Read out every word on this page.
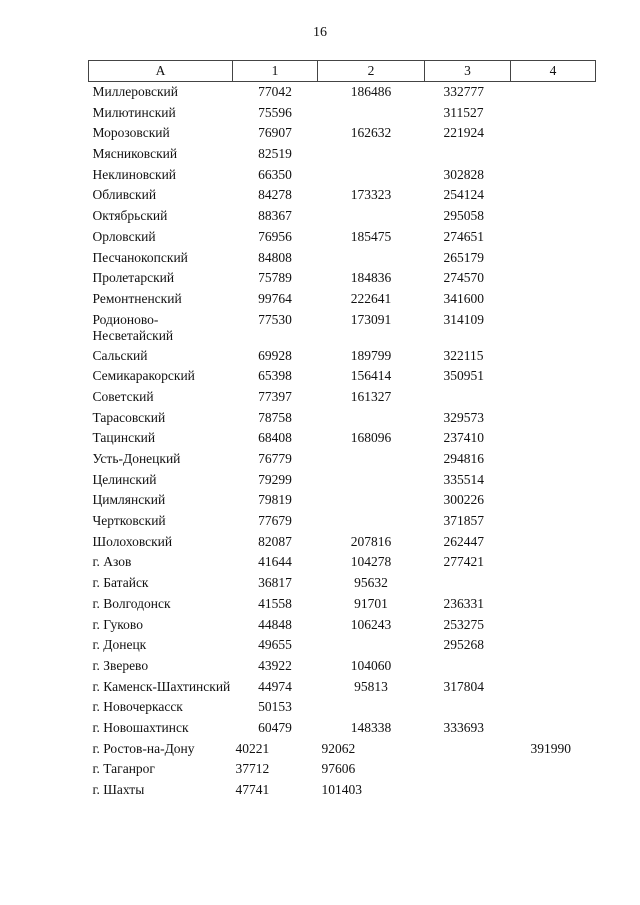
16
А	1	2	3	4
Миллеровский	77042	186486	332777	
Милютинский	75596		311527	
Морозовский	76907	162632	221924	
Мясниковский	82519			
Неклиновский	66350		302828	
Обливский	84278	173323	254124	
Октябрьский	88367		295058	
Орловский	76956	185475	274651	
Песчанокопский	84808		265179	
Пролетарский	75789	184836	274570	
Ремонтненский	99764	222641	341600	
Родионово-Несветайский	77530	173091	314109	
Сальский	69928	189799	322115	
Семикаракорский	65398	156414	350951	
Советский	77397	161327		
Тарасовский	78758		329573	
Тацинский	68408	168096	237410	
Усть-Донецкий	76779		294816	
Целинский	79299		335514	
Цимлянский	79819		300226	
Чертковский	77679		371857	
Шолоховский	82087	207816	262447	
г. Азов	41644	104278	277421	
г. Батайск	36817	95632		
г. Волгодонск	41558	91701	236331	
г. Гуково	44848	106243	253275	
г. Донецк	49655		295268	
г. Зверево	43922	104060		
г. Каменск-Шахтинский	44974	95813	317804	
г. Новочеркасск	50153			
г. Новошахтинск	60479	148338	333693	
г. Ростов-на-Дону	40221	92062		391990
г. Таганрог	37712	97606		
г. Шахты	47741	101403		
